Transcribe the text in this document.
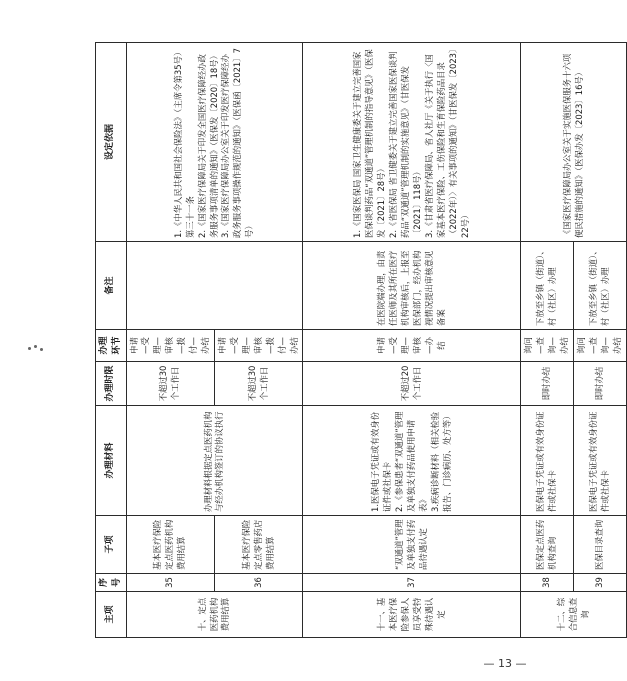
主项	序号	子项	办理材料	办理时限	办理环节	备注	设定依据
十、定点医药机构费用结算	35	基本医疗保险定点医药机构费用结算	办理材料根据定点医药机构与经办机构签订的协议执行	不超过30个工作日	申请—受理—审核—拨付—办结		1.《中华人民共和国社会保险法》（主席令第35号）第三十一条
2.《国家医疗保障局关于印发全国医疗保障经办政务服务事项清单的通知》（医保发〔2020〕18号）
3.《国家医疗保障局办公室关于印发医疗保障经办政务服务事项操作规范的通知》（医保函〔2021〕7号）
	36	基本医疗保险定点零售药店费用结算		不超过30个工作日	申请—受理—审核—拨付—办结		
十一、基本医疗保险参保人员享受特殊待遇认定	37	“双通道”管理及单独支付药品待遇认定	1.医保电子凭证或有效身份证件或社保卡
2.《参保患者“双通道”管理及单独支付药品使用申请表》
3.疾病诊断材料（相关检验报告、门诊病历、处方等）	不超过20个工作日	申请—受理—审核—办结	在医院端办理，由责任医师及其所在医疗机构审核后，上报至医保部门，经办机构视情况提出审核意见备案	1.《国家医保局 国家卫生健康委关于建立完善国家医保谈判药品“双通道”管理机制的指导意见》（医保发〔2021〕28号）
2.《省医保局 省卫健委关于建立完善国家医保谈判药品“双通道”管理机制的实施意见》（甘医保发〔2021〕118号）
3.《甘肃省医疗保障局、省人社厅《关于执行〈国家基本医疗保险、工伤保险和生育保险药品目录（2022年）〉有关事项的通知》（甘医保发〔2023〕22号）
十二、综合信息查询	38	医保定点医药机构查询	医保电子凭证或有效身份证件或社保卡	即时办结	询问—查询—办结	下放至乡镇（街道）、村（社区）办理	《国家医疗保障局办公室关于实施医保服务十六项便民措施的通知》（医保办发〔2023〕16号）
	39	医保目录查询	医保电子凭证或有效身份证件或社保卡	即时办结	询问—查询—办结	下放至乡镇（街道）、村（社区）办理	
— 13 —
